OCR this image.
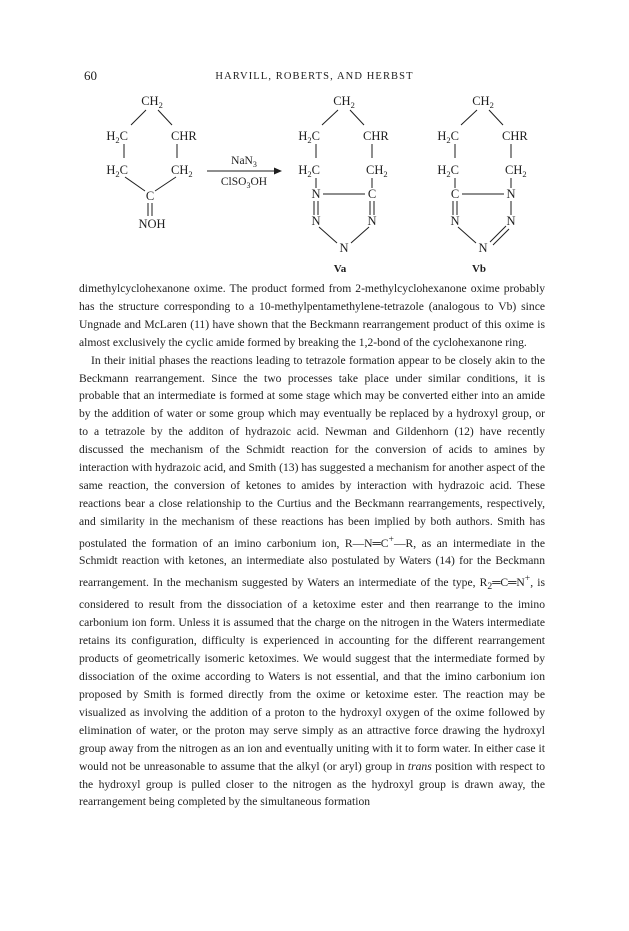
60	HARVILL, ROBERTS, AND HERBST
$CH_2$
$H_2C$	CHR
$H_2C$	$CH_2$
C
NOH
NaN$_3$
ClSO$_3$OH
$CH_2$
$H_2C$	CHR
$H_2C$	$CH_2$
N	C
N	N
N
Va
$CH_2$
$H_2C$	CHR
$H_2C$	$CH_2$
C	N
N	N
N
Vb

dimethylcyclohexanone oxime. The product formed from 2-methylcyclohexanone oxime probably has the structure corresponding to a 10-methylpentamethylene-tetrazole (analogous to Vb) since Ungnade and McLaren (11) have shown that the Beckmann rearrangement product of this oxime is almost exclusively the cyclic amide formed by breaking the 1,2-bond of the cyclohexanone ring.

In their initial phases the reactions leading to tetrazole formation appear to be closely akin to the Beckmann rearrangement. Since the two processes take place under similar conditions, it is probable that an intermediate is formed at some stage which may be converted either into an amide by the addition of water or some group which may eventually be replaced by a hydroxyl group, or to a tetrazole by the additon of hydrazoic acid. Newman and Gildenhorn (12) have recently discussed the mechanism of the Schmidt reaction for the conversion of acids to amines by interaction with hydrazoic acid, and Smith (13) has suggested a mechanism for another aspect of the same reaction, the conversion of ketones to amides by interaction with hydrazoic acid. These reactions bear a close relationship to the Curtius and the Beckmann rearrangements, respectively, and similarity in the mechanism of these reactions has been implied by both authors. Smith has postulated the formation of an imino carbonium ion, R—N═C+—R, as an intermediate in the Schmidt reaction with ketones, an intermediate also postulated by Waters (14) for the Beckmann rearrangement. In the mechanism suggested by Waters an intermediate of the type, $R_2═C═N^+$, is considered to result from the dissociation of a ketoxime ester and then rearrange to the imino carbonium ion form. Unless it is assumed that the charge on the nitrogen in the Waters intermediate retains its configuration, difficulty is experienced in accounting for the different rearrangement products of geometrically isomeric ketoximes. We would suggest that the intermediate formed by dissociation of the oxime according to Waters is not essential, and that the imino carbonium ion proposed by Smith is formed directly from the oxime or ketoxime ester. The reaction may be visualized as involving the addition of a proton to the hydroxyl oxygen of the oxime followed by elimination of water, or the proton may serve simply as an attractive force drawing the hydroxyl group away from the nitrogen as an ion and eventually uniting with it to form water. In either case it would not be unreasonable to assume that the alkyl (or aryl) group in trans position with respect to the hydroxyl group is pulled closer to the nitrogen as the hydroxyl group is drawn away, the rearrangement being completed by the simultaneous formation
